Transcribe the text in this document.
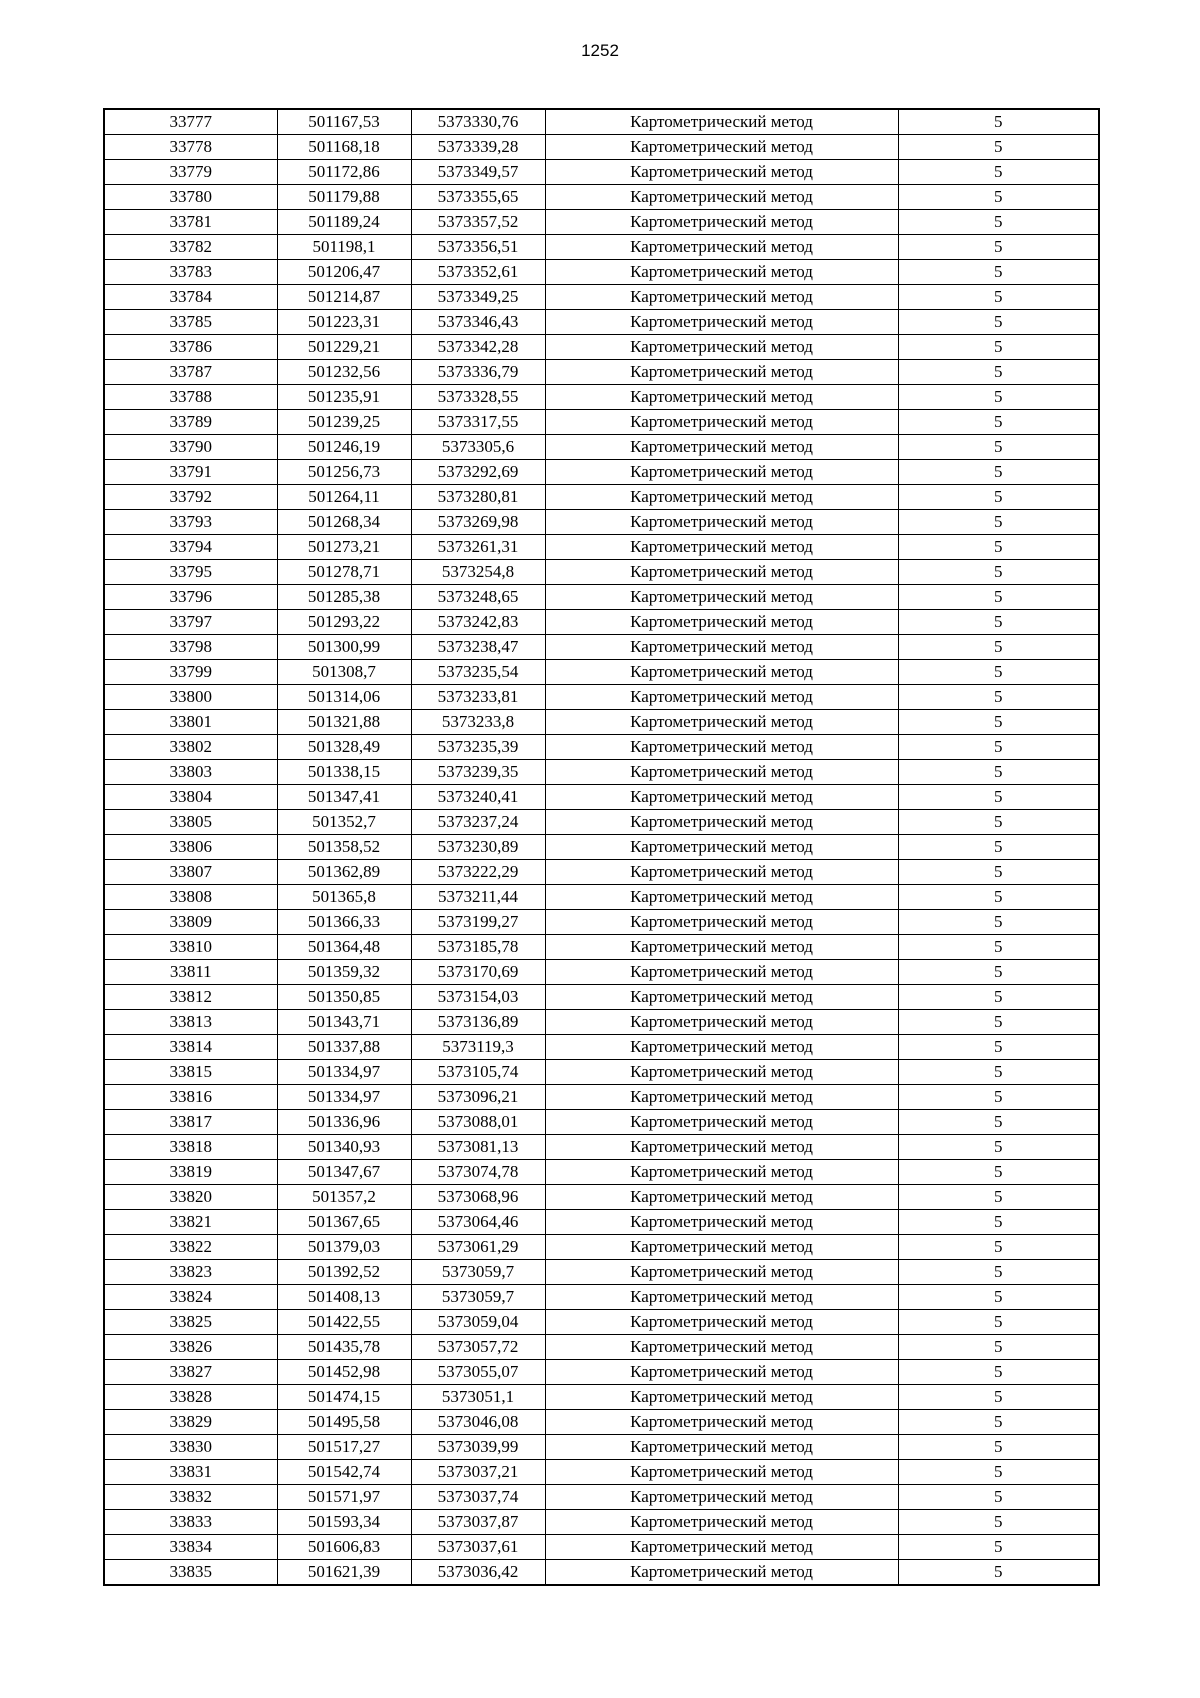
1252
33777	501167,53	5373330,76	Картометрический метод	5
33778	501168,18	5373339,28	Картометрический метод	5
33779	501172,86	5373349,57	Картометрический метод	5
33780	501179,88	5373355,65	Картометрический метод	5
33781	501189,24	5373357,52	Картометрический метод	5
33782	501198,1	5373356,51	Картометрический метод	5
33783	501206,47	5373352,61	Картометрический метод	5
33784	501214,87	5373349,25	Картометрический метод	5
33785	501223,31	5373346,43	Картометрический метод	5
33786	501229,21	5373342,28	Картометрический метод	5
33787	501232,56	5373336,79	Картометрический метод	5
33788	501235,91	5373328,55	Картометрический метод	5
33789	501239,25	5373317,55	Картометрический метод	5
33790	501246,19	5373305,6	Картометрический метод	5
33791	501256,73	5373292,69	Картометрический метод	5
33792	501264,11	5373280,81	Картометрический метод	5
33793	501268,34	5373269,98	Картометрический метод	5
33794	501273,21	5373261,31	Картометрический метод	5
33795	501278,71	5373254,8	Картометрический метод	5
33796	501285,38	5373248,65	Картометрический метод	5
33797	501293,22	5373242,83	Картометрический метод	5
33798	501300,99	5373238,47	Картометрический метод	5
33799	501308,7	5373235,54	Картометрический метод	5
33800	501314,06	5373233,81	Картометрический метод	5
33801	501321,88	5373233,8	Картометрический метод	5
33802	501328,49	5373235,39	Картометрический метод	5
33803	501338,15	5373239,35	Картометрический метод	5
33804	501347,41	5373240,41	Картометрический метод	5
33805	501352,7	5373237,24	Картометрический метод	5
33806	501358,52	5373230,89	Картометрический метод	5
33807	501362,89	5373222,29	Картометрический метод	5
33808	501365,8	5373211,44	Картометрический метод	5
33809	501366,33	5373199,27	Картометрический метод	5
33810	501364,48	5373185,78	Картометрический метод	5
33811	501359,32	5373170,69	Картометрический метод	5
33812	501350,85	5373154,03	Картометрический метод	5
33813	501343,71	5373136,89	Картометрический метод	5
33814	501337,88	5373119,3	Картометрический метод	5
33815	501334,97	5373105,74	Картометрический метод	5
33816	501334,97	5373096,21	Картометрический метод	5
33817	501336,96	5373088,01	Картометрический метод	5
33818	501340,93	5373081,13	Картометрический метод	5
33819	501347,67	5373074,78	Картометрический метод	5
33820	501357,2	5373068,96	Картометрический метод	5
33821	501367,65	5373064,46	Картометрический метод	5
33822	501379,03	5373061,29	Картометрический метод	5
33823	501392,52	5373059,7	Картометрический метод	5
33824	501408,13	5373059,7	Картометрический метод	5
33825	501422,55	5373059,04	Картометрический метод	5
33826	501435,78	5373057,72	Картометрический метод	5
33827	501452,98	5373055,07	Картометрический метод	5
33828	501474,15	5373051,1	Картометрический метод	5
33829	501495,58	5373046,08	Картометрический метод	5
33830	501517,27	5373039,99	Картометрический метод	5
33831	501542,74	5373037,21	Картометрический метод	5
33832	501571,97	5373037,74	Картометрический метод	5
33833	501593,34	5373037,87	Картометрический метод	5
33834	501606,83	5373037,61	Картометрический метод	5
33835	501621,39	5373036,42	Картометрический метод	5
